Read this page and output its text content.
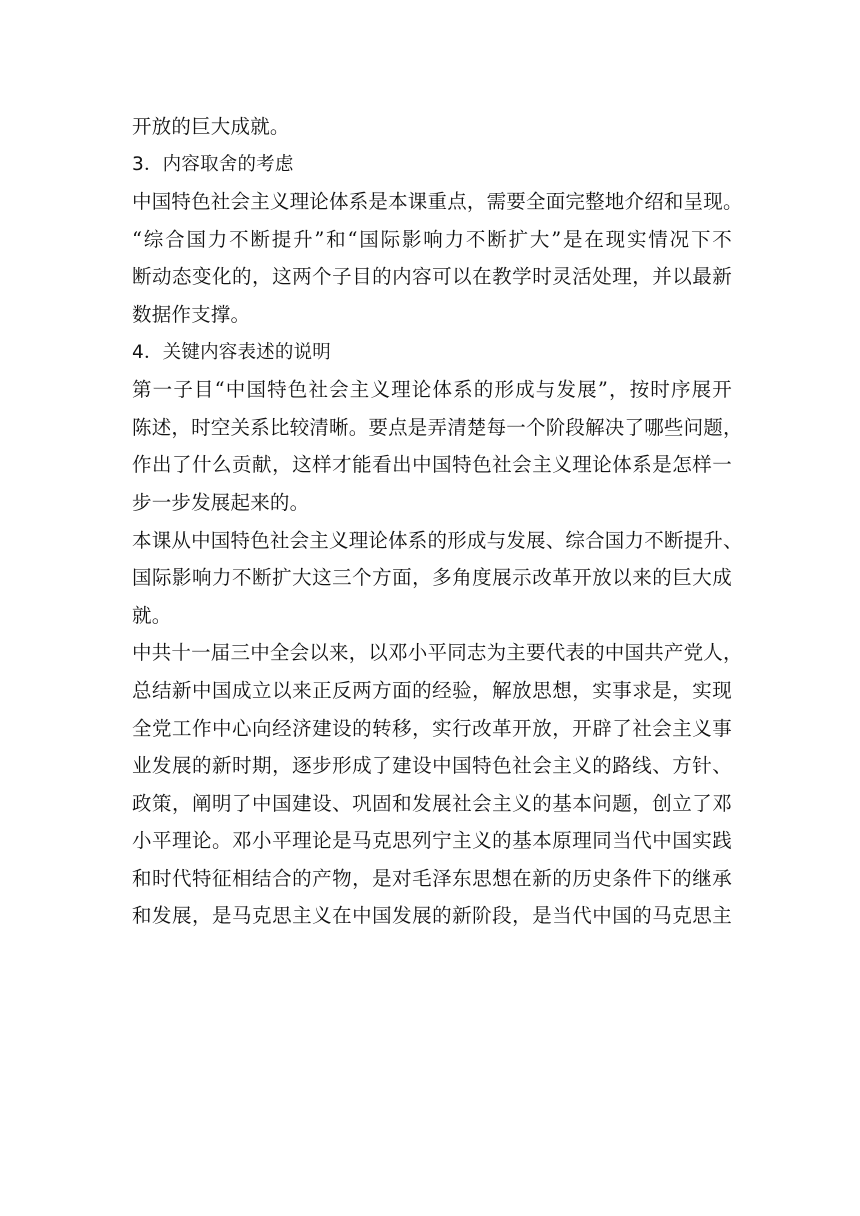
开放的巨大成就。
3．内容取舍的考虑
中国特色社会主义理论体系是本课重点，需要全面完整地介绍和呈现。
“综合国力不断提升”和“国际影响力不断扩大”是在现实情况下不
断动态变化的，这两个子目的内容可以在教学时灵活处理，并以最新
数据作支撑。
4．关键内容表述的说明
第一子目“中国特色社会主义理论体系的形成与发展”，按时序展开
陈述，时空关系比较清晰。要点是弄清楚每一个阶段解决了哪些问题，
作出了什么贡献，这样才能看出中国特色社会主义理论体系是怎样一
步一步发展起来的。
本课从中国特色社会主义理论体系的形成与发展、综合国力不断提升、
国际影响力不断扩大这三个方面，多角度展示改革开放以来的巨大成
就。
中共十一届三中全会以来，以邓小平同志为主要代表的中国共产党人，
总结新中国成立以来正反两方面的经验，解放思想，实事求是，实现
全党工作中心向经济建设的转移，实行改革开放，开辟了社会主义事
业发展的新时期，逐步形成了建设中国特色社会主义的路线、方针、
政策，阐明了中国建设、巩固和发展社会主义的基本问题，创立了邓
小平理论。邓小平理论是马克思列宁主义的基本原理同当代中国实践
和时代特征相结合的产物，是对毛泽东思想在新的历史条件下的继承
和发展，是马克思主义在中国发展的新阶段，是当代中国的马克思主
